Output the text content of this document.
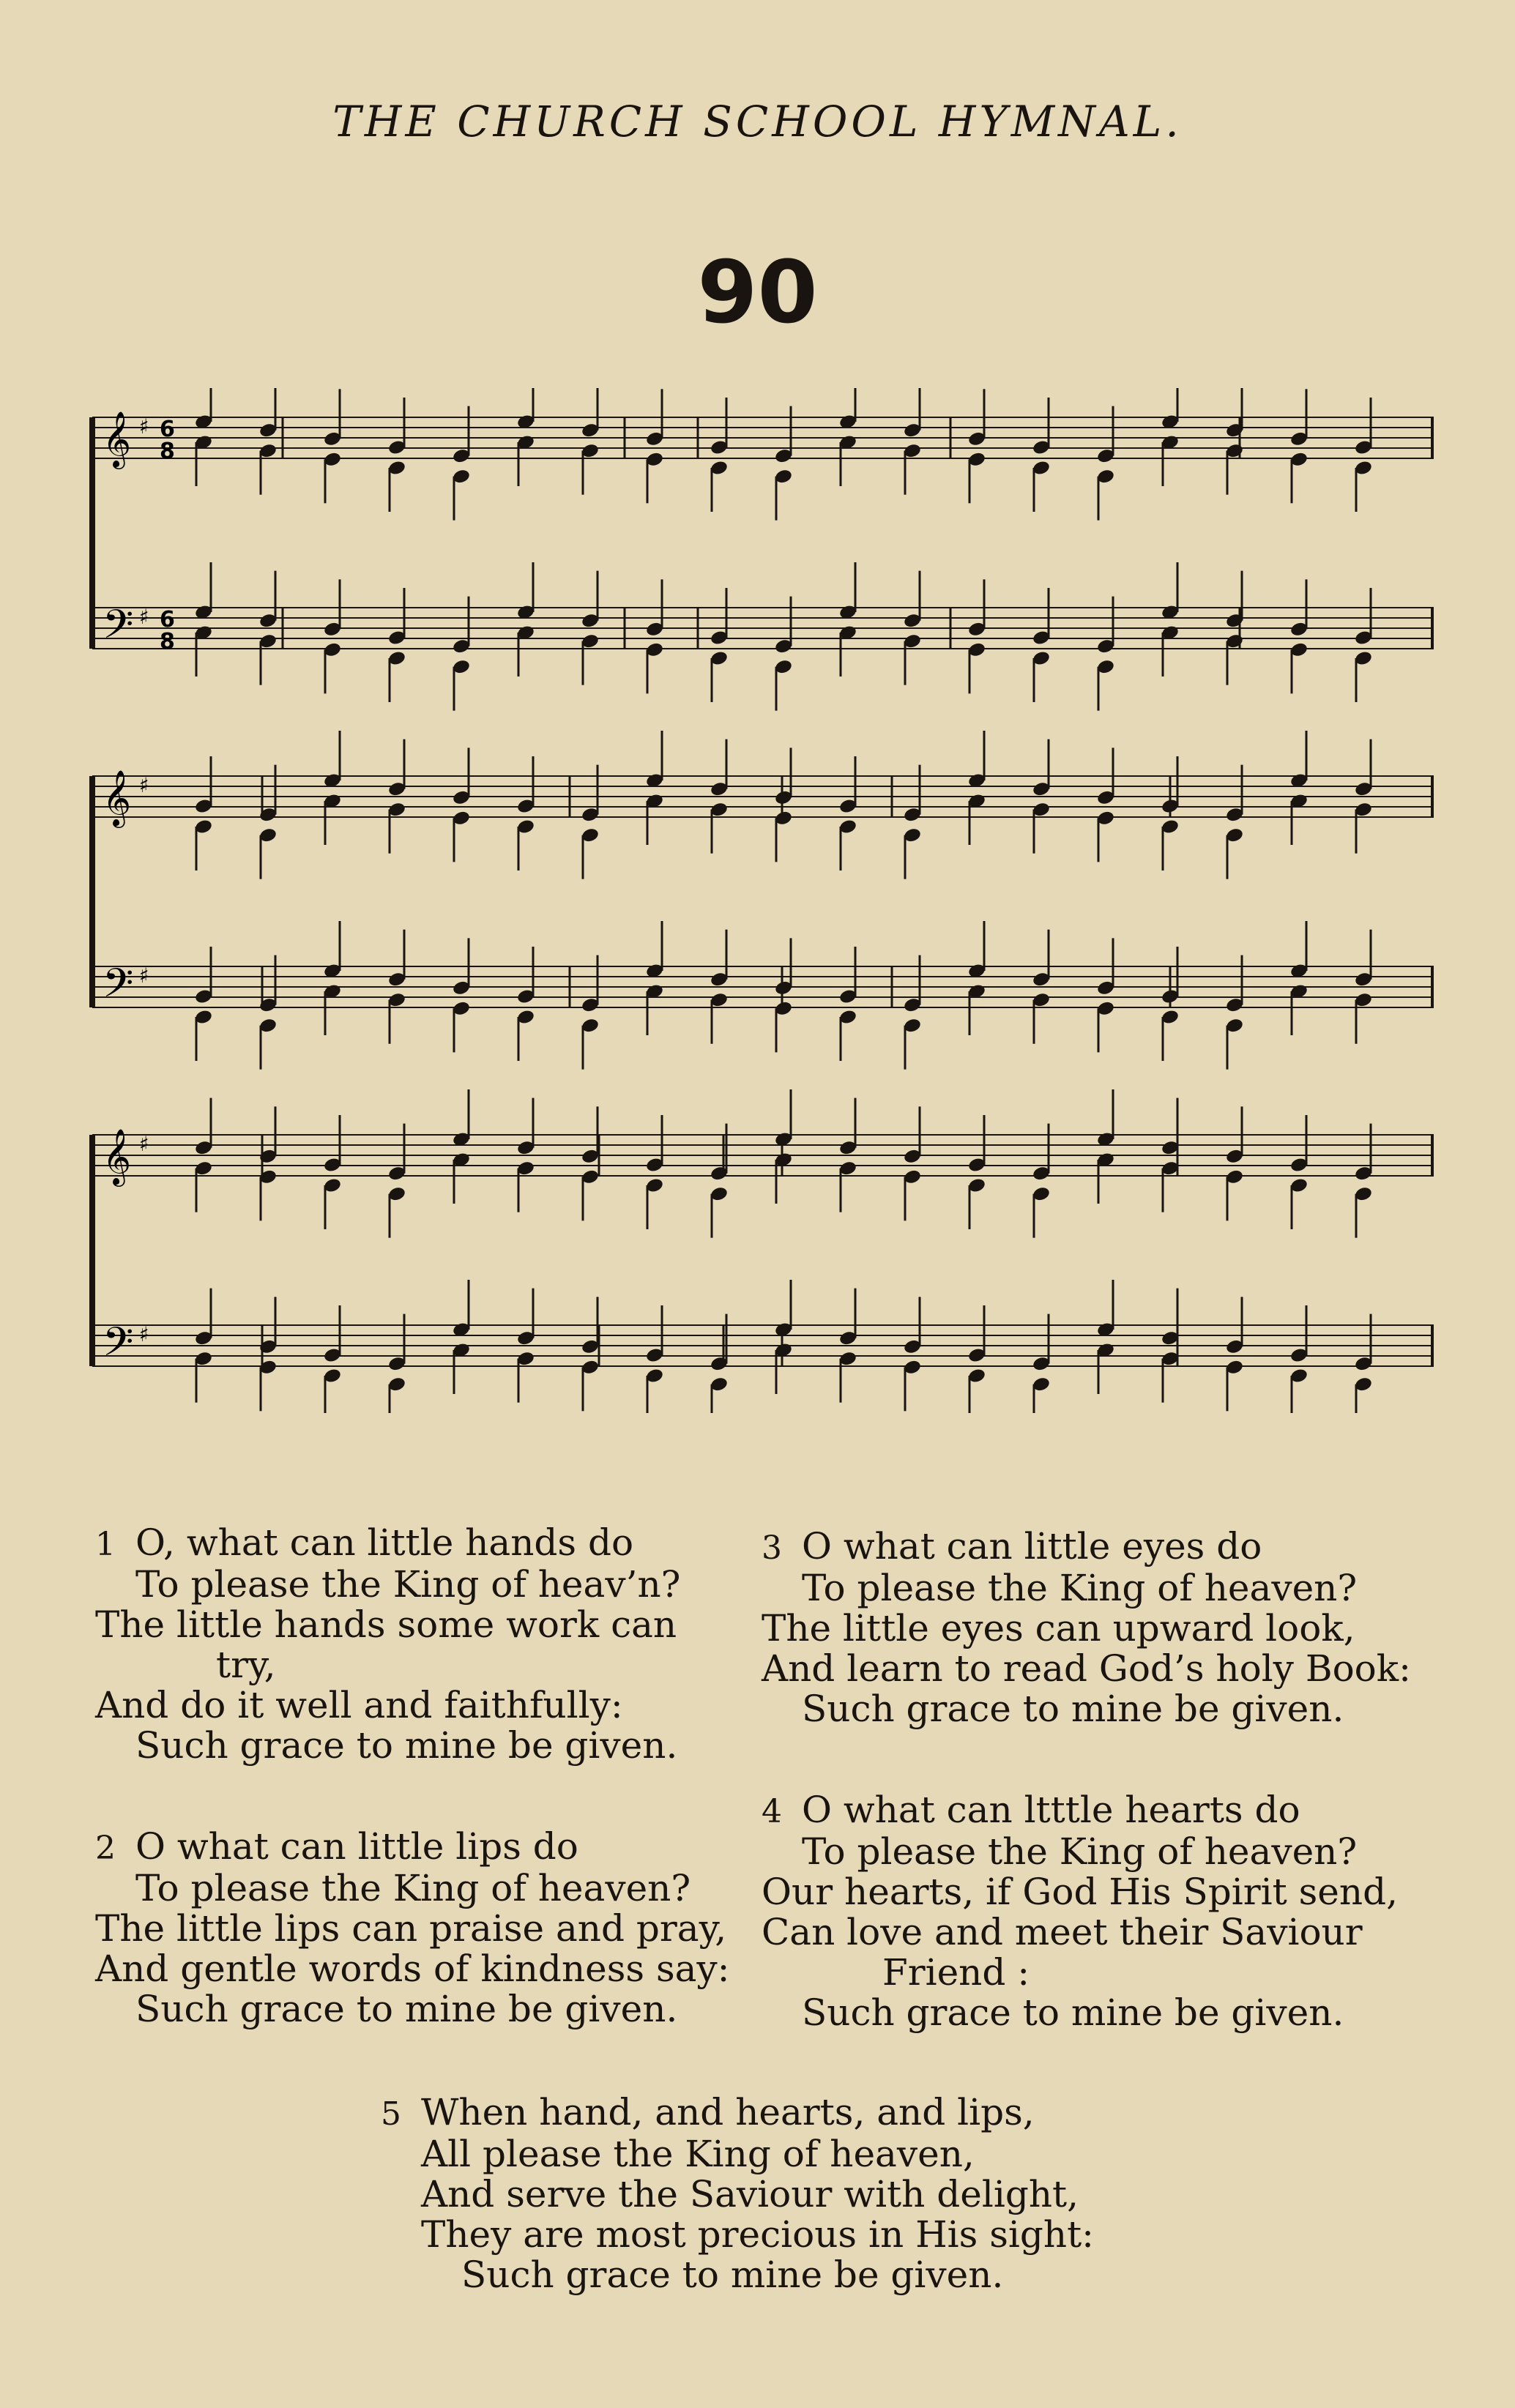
THE CHURCH SCHOOL HYMNAL.
90
𝄞 ♯ 6
8
𝄢 ♯ 6
8
𝄞 ♯
𝄢 ♯
𝄞 ♯
𝄢 ♯
1 O, what can little hands do
To please the King of heav’n?
The little hands some work can
try,
And do it well and faithfully:
Such grace to mine be given.
2 O what can little lips do
To please the King of heaven?
The little lips can praise and pray,
And gentle words of kindness say:
Such grace to mine be given.
3 O what can little eyes do
To please the King of heaven?
The little eyes can upward look,
And learn to read God’s holy Book:
Such grace to mine be given.
4 O what can ltttle hearts do
To please the King of heaven?
Our hearts, if God His Spirit send,
Can love and meet their Saviour
Friend :
Such grace to mine be given.
5 When hand, and hearts, and lips,
All please the King of heaven,
And serve the Saviour with delight,
They are most precious in His sight:
Such grace to mine be given.
